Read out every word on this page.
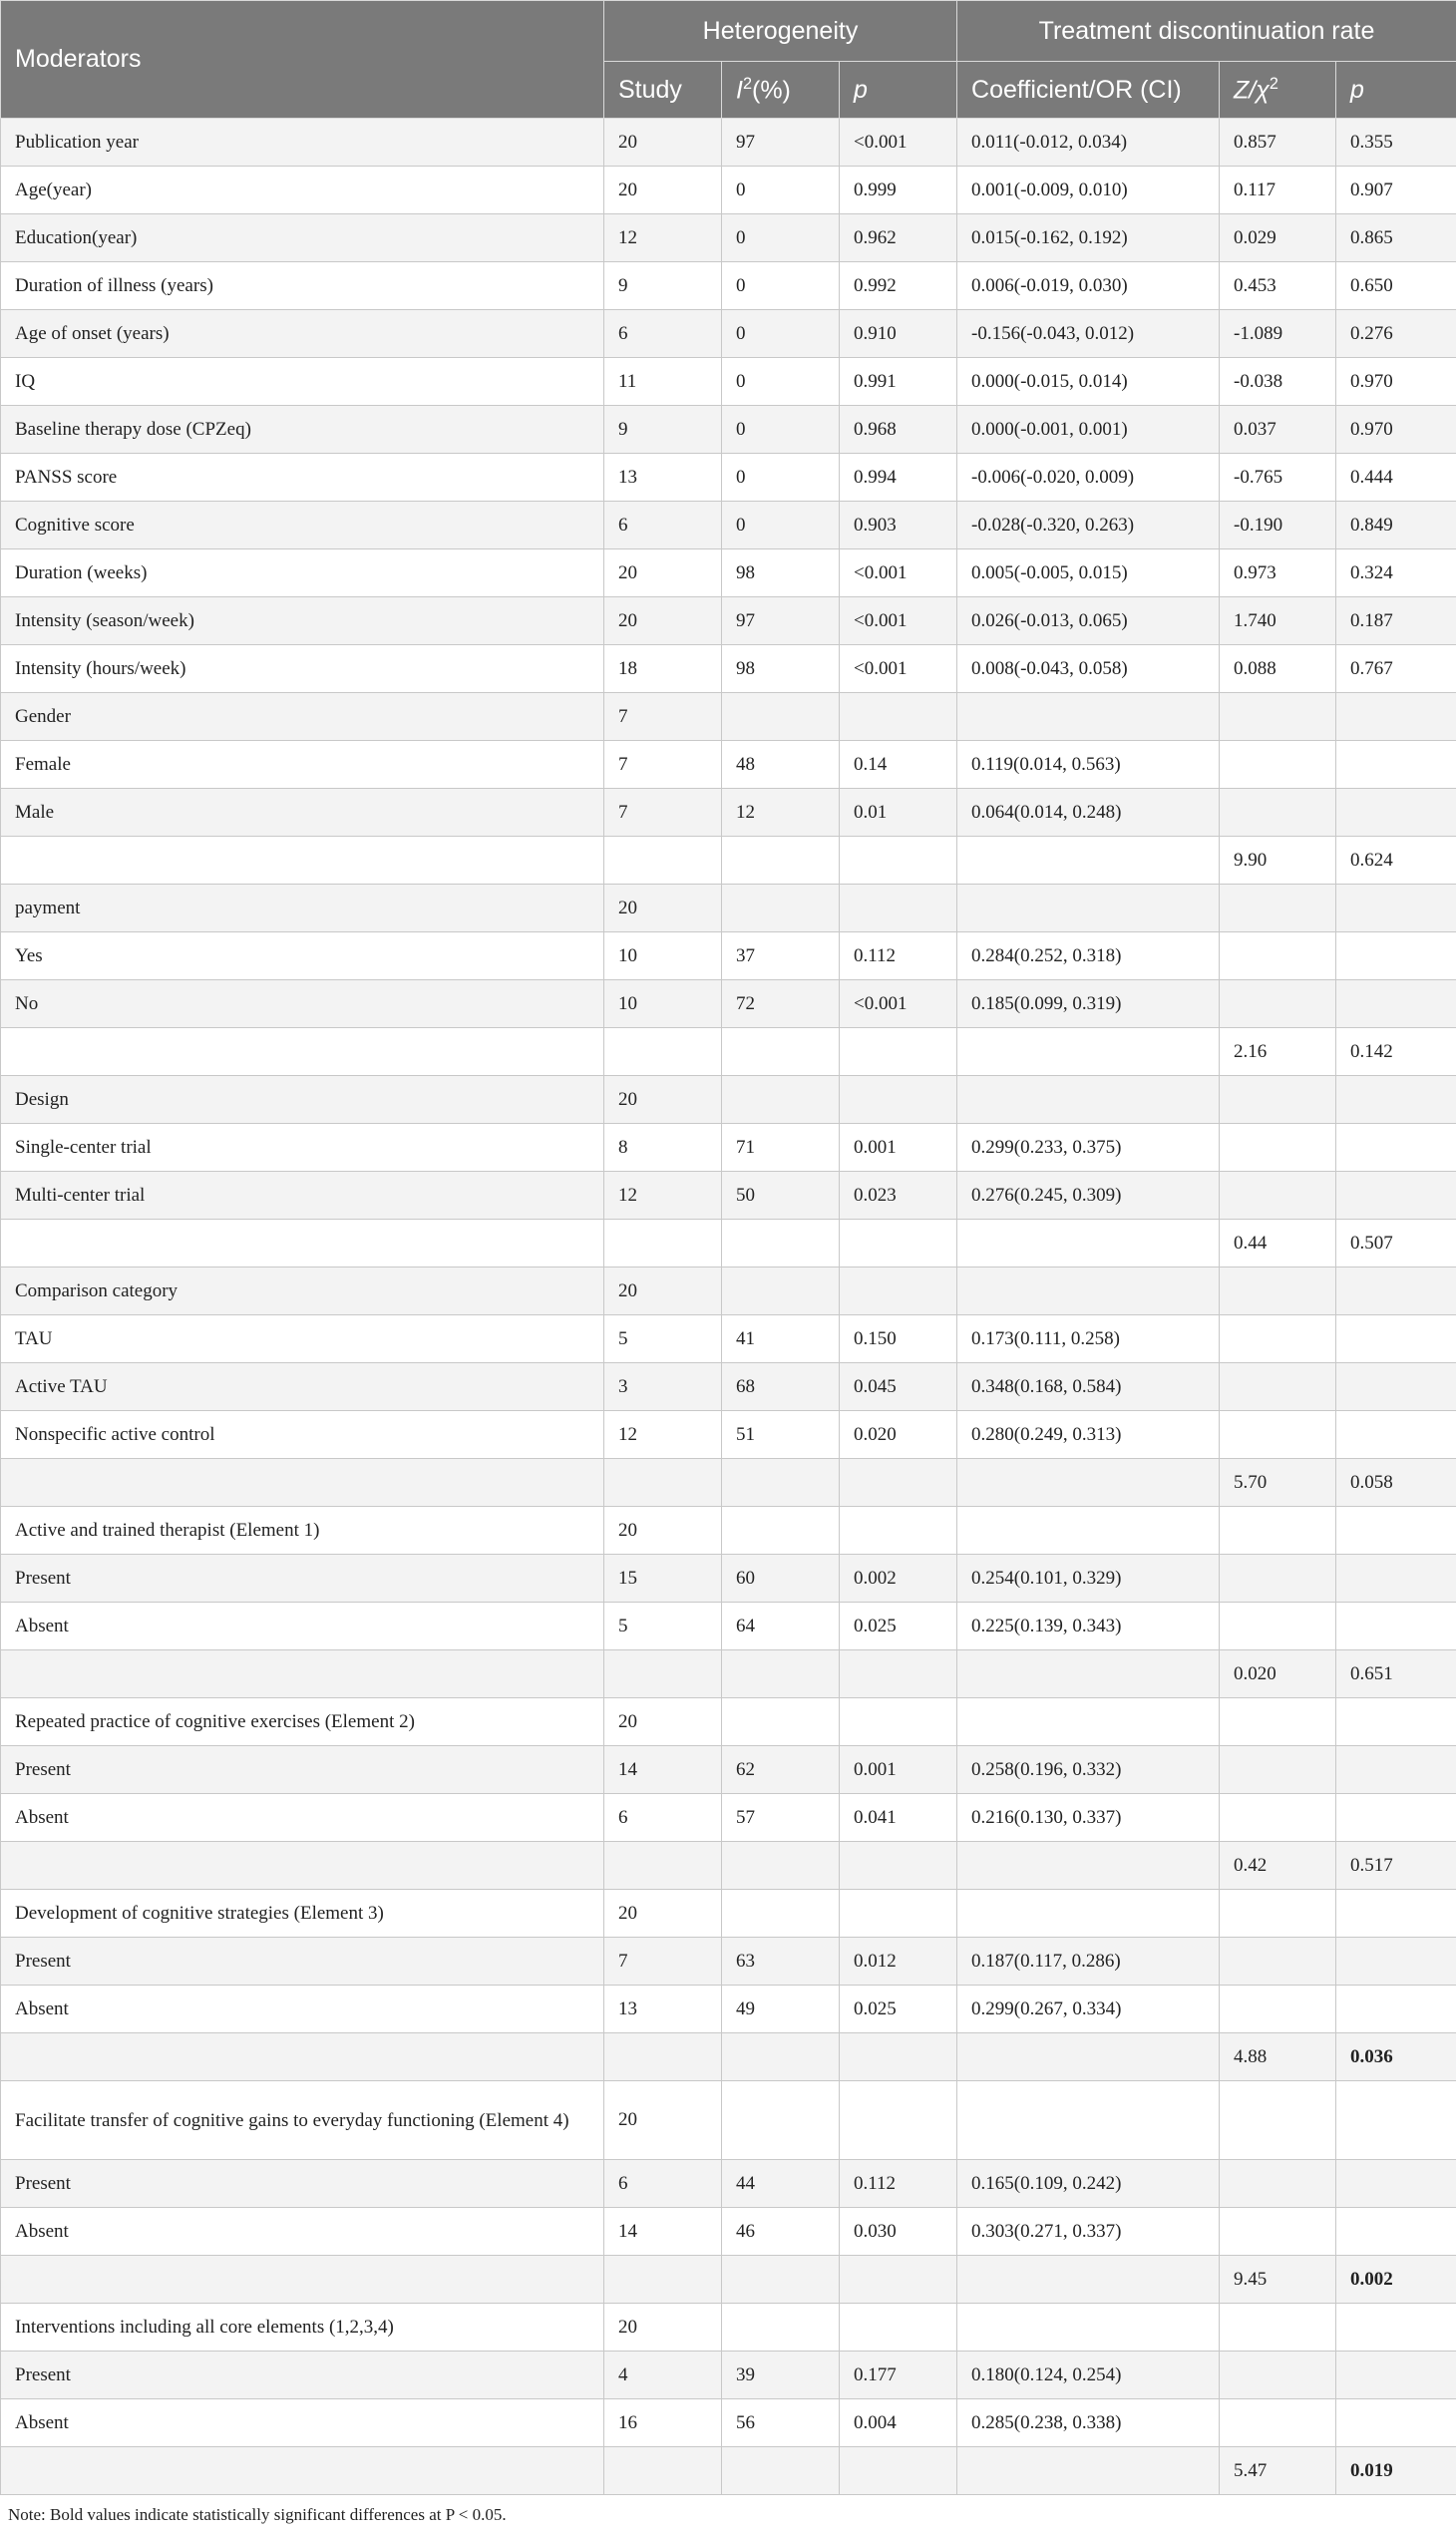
Moderators	Heterogeneity			Treatment discontinuation rate		
	Study	$I^2(\%)$	p	Coefficient/OR (CI)	$Z/\chi^2$	p
Publication year	20	97	<0.001	0.011(-0.012, 0.034)	0.857	0.355
Age(year)	20	0	0.999	0.001(-0.009, 0.010)	0.117	0.907
Education(year)	12	0	0.962	0.015(-0.162, 0.192)	0.029	0.865
Duration of illness (years)	9	0	0.992	0.006(-0.019, 0.030)	0.453	0.650
Age of onset (years)	6	0	0.910	-0.156(-0.043, 0.012)	-1.089	0.276
IQ	11	0	0.991	0.000(-0.015, 0.014)	-0.038	0.970
Baseline therapy dose (CPZeq)	9	0	0.968	0.000(-0.001, 0.001)	0.037	0.970
PANSS score	13	0	0.994	-0.006(-0.020, 0.009)	-0.765	0.444
Cognitive score	6	0	0.903	-0.028(-0.320, 0.263)	-0.190	0.849
Duration (weeks)	20	98	<0.001	0.005(-0.005, 0.015)	0.973	0.324
Intensity (season/week)	20	97	<0.001	0.026(-0.013, 0.065)	1.740	0.187
Intensity (hours/week)	18	98	<0.001	0.008(-0.043, 0.058)	0.088	0.767
Gender	7					
Female	7	48	0.14	0.119(0.014, 0.563)		
Male	7	12	0.01	0.064(0.014, 0.248)		
					9.90	0.624
payment	20					
Yes	10	37	0.112	0.284(0.252, 0.318)		
No	10	72	<0.001	0.185(0.099, 0.319)		
					2.16	0.142
Design	20					
Single-center trial	8	71	0.001	0.299(0.233, 0.375)		
Multi-center trial	12	50	0.023	0.276(0.245, 0.309)		
					0.44	0.507
Comparison category	20					
TAU	5	41	0.150	0.173(0.111, 0.258)		
Active TAU	3	68	0.045	0.348(0.168, 0.584)		
Nonspecific active control	12	51	0.020	0.280(0.249, 0.313)		
					5.70	0.058
Active and trained therapist (Element 1)	20					
Present	15	60	0.002	0.254(0.101, 0.329)		
Absent	5	64	0.025	0.225(0.139, 0.343)		
					0.020	0.651
Repeated practice of cognitive exercises (Element 2)	20					
Present	14	62	0.001	0.258(0.196, 0.332)		
Absent	6	57	0.041	0.216(0.130, 0.337)		
					0.42	0.517
Development of cognitive strategies (Element 3)	20					
Present	7	63	0.012	0.187(0.117, 0.286)		
Absent	13	49	0.025	0.299(0.267, 0.334)		
					4.88	0.036
Facilitate transfer of cognitive gains to everyday functioning (Element 4)	20					
Present	6	44	0.112	0.165(0.109, 0.242)		
Absent	14	46	0.030	0.303(0.271, 0.337)		
					9.45	0.002
Interventions including all core elements (1,2,3,4)	20					
Present	4	39	0.177	0.180(0.124, 0.254)		
Absent	16	56	0.004	0.285(0.238, 0.338)		
					5.47	0.019
Note: Bold values indicate statistically significant differences at P < 0.05.
